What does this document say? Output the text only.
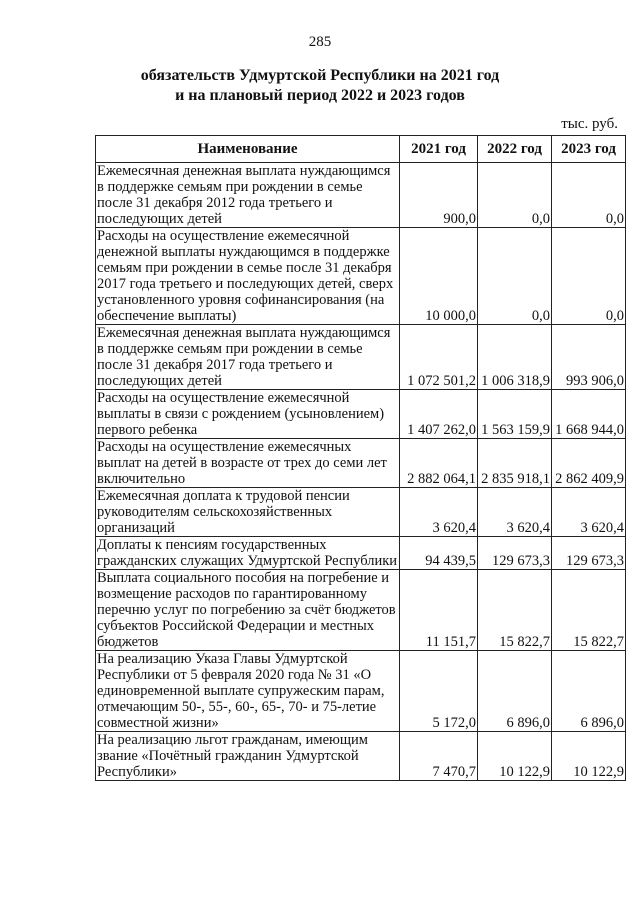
285
обязательств Удмуртской Республики на 2021 год
и на плановый период 2022 и 2023 годов
тыс. руб.
Наименование	2021 год	2022 год	2023 год
Ежемесячная денежная выплата нуждающимся в поддержке семьям при рождении в семье после 31 декабря 2012 года третьего и последующих детей	900,0	0,0	0,0
Расходы на осуществление ежемесячной денежной выплаты нуждающимся в поддержке семьям при рождении в семье после 31 декабря 2017 года третьего и последующих детей, сверх установленного уровня софинансирования (на обеспечение выплаты)	10 000,0	0,0	0,0
Ежемесячная денежная выплата нуждающимся в поддержке семьям при рождении в семье после 31 декабря 2017 года третьего и последующих детей	1 072 501,2	1 006 318,9	993 906,0
Расходы на осуществление ежемесячной выплаты в связи с рождением (усыновлением) первого ребенка	1 407 262,0	1 563 159,9	1 668 944,0
Расходы на осуществление ежемесячных выплат на детей в возрасте от трех до семи лет включительно	2 882 064,1	2 835 918,1	2 862 409,9
Ежемесячная доплата к трудовой пенсии руководителям сельскохозяйственных организаций	3 620,4	3 620,4	3 620,4
Доплаты к пенсиям государственных гражданских служащих Удмуртской Республики	94 439,5	129 673,3	129 673,3
Выплата социального пособия на погребение и возмещение расходов по гарантированному перечню услуг по погребению за счёт бюджетов субъектов Российской Федерации и местных бюджетов	11 151,7	15 822,7	15 822,7
На реализацию Указа Главы Удмуртской Республики от 5 февраля 2020 года № 31 «О единовременной выплате супружеским парам, отмечающим 50-, 55-, 60-, 65-, 70- и 75-летие совместной жизни»	5 172,0	6 896,0	6 896,0
На реализацию льгот гражданам, имеющим звание «Почётный гражданин Удмуртской Республики»	7 470,7	10 122,9	10 122,9
